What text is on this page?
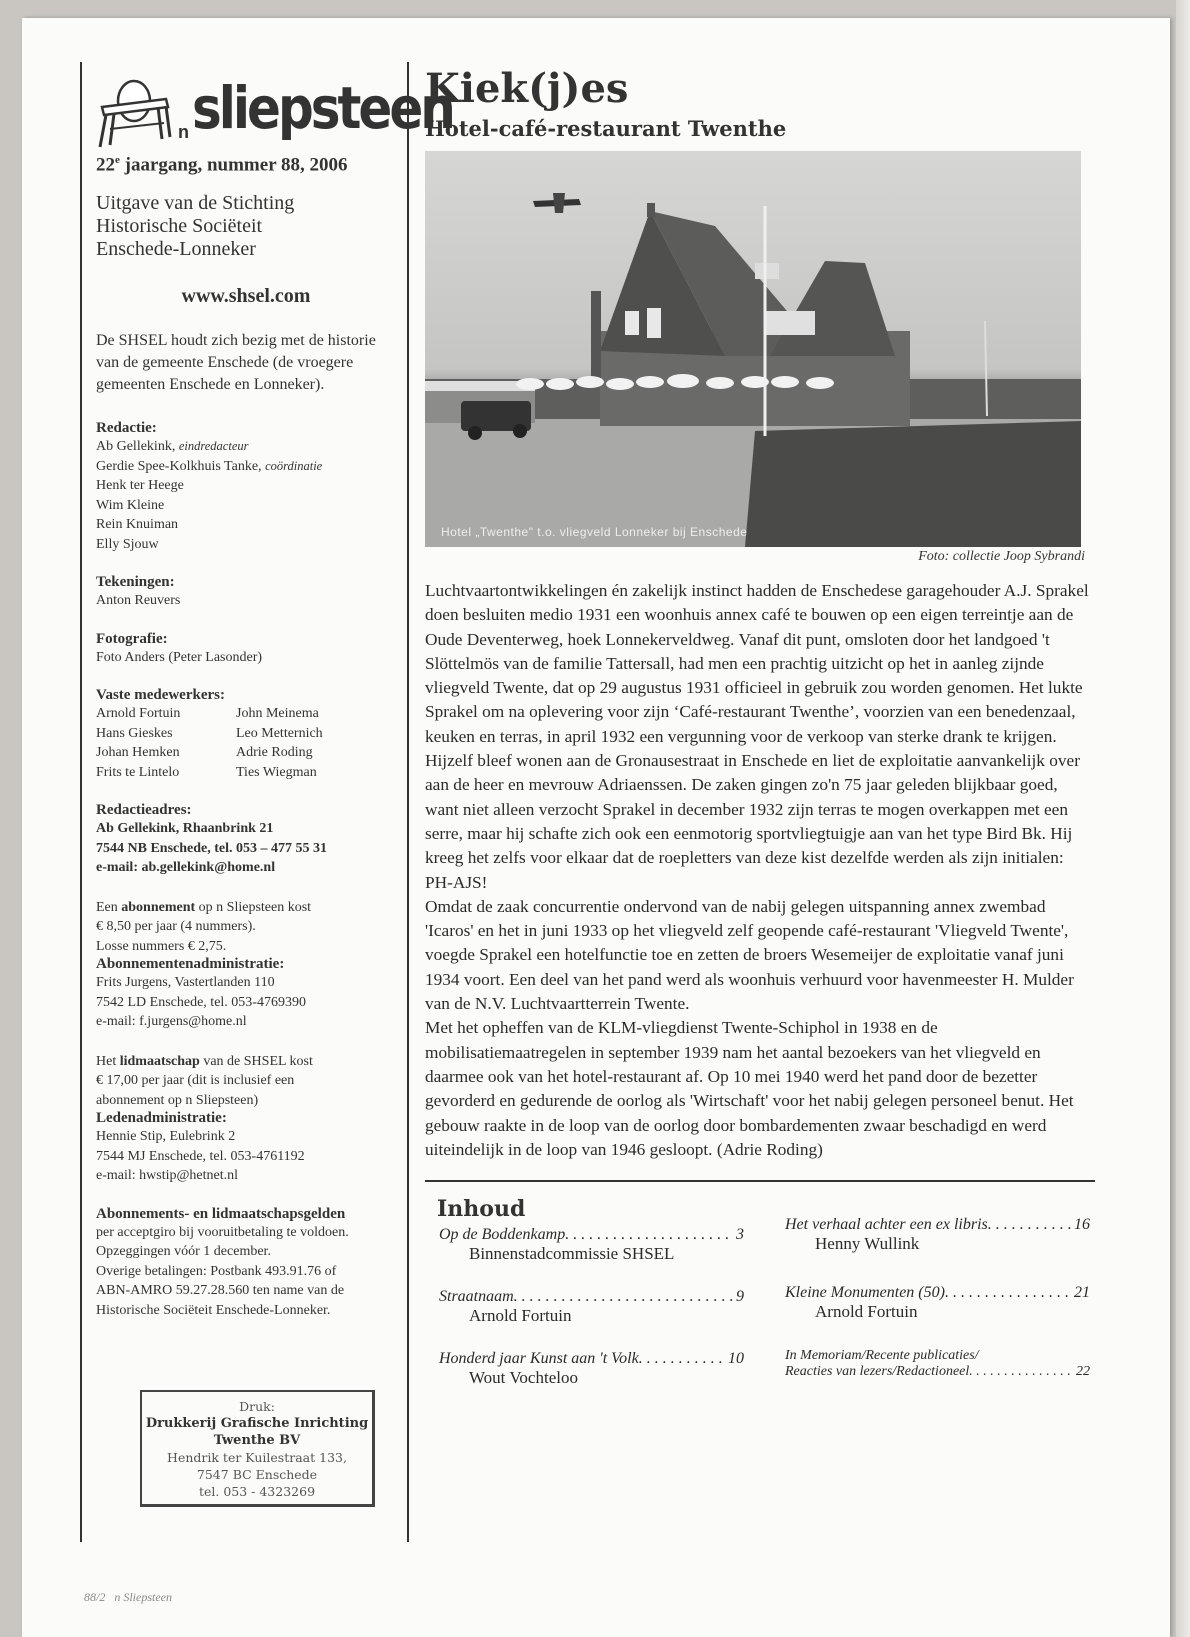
n sliepsteen
22e jaargang, nummer 88, 2006
Uitgave van de Stichting
Historische Sociëteit
Enschede-Lonneker
www.shsel.com
De SHSEL houdt zich bezig met de historie van de gemeente Enschede (de vroegere gemeenten Enschede en Lonneker).
Redactie:

Ab Gellekink, eindredacteur

Gerdie Spee-Kolkhuis Tanke, coördinatie

Henk ter Heege

Wim Kleine

Rein Knuiman

Elly Sjouw

Tekeningen:

Anton Reuvers

Fotografie:

Foto Anders (Peter Lasonder)

Vaste medewerkers:
Arnold Fortuin	John Meinema
Hans Gieskes	Leo Metternich
Johan Hemken	Adrie Roding
Frits te Lintelo	Ties Wiegman
Redactieadres:

Ab Gellekink, Rhaanbrink 21

7544 NB Enschede, tel. 053 – 477 55 31

e-mail: ab.gellekink@home.nl

Een abonnement op n Sliepsteen kost

€ 8,50 per jaar (4 nummers).

Losse nummers € 2,75.

Abonnementenadministratie:

Frits Jurgens, Vastertlanden 110

7542 LD Enschede, tel. 053-4769390

e-mail: f.jurgens@home.nl

Het lidmaatschap van de SHSEL kost

€ 17,00 per jaar (dit is inclusief een

abonnement op n Sliepsteen)

Ledenadministratie:

Hennie Stip, Eulebrink 2

7544 MJ Enschede, tel. 053-4761192

e-mail: hwstip@hetnet.nl

Abonnements- en lidmaatschapsgelden

per acceptgiro bij vooruitbetaling te voldoen.

Opzeggingen vóór 1 december.

Overige betalingen: Postbank 493.91.76 of

ABN-AMRO 59.27.28.560 ten name van de

Historische Sociëteit Enschede-Lonneker.

Druk:
Drukkerij Grafische Inrichting
Twenthe BV
Hendrik ter Kuilestraat 133,
7547 BC Enschede
tel. 053 - 4323269
Kiek(j)es
Hotel-café-restaurant Twenthe
Hotel „Twenthe" t.o. vliegveld Lonneker bij Enschede
Foto: collectie Joop Sybrandi

Luchtvaartontwikkelingen én zakelijk instinct hadden de Enschedese garagehouder A.J. Sprakel doen besluiten medio 1931 een woonhuis annex café te bouwen op een eigen terreintje aan de Oude Deventerweg, hoek Lonnekerveldweg. Vanaf dit punt, omsloten door het landgoed 't Slöttelmös van de familie Tattersall, had men een prachtig uitzicht op het in aanleg zijnde vliegveld Twente, dat op 29 augustus 1931 officieel in gebruik zou worden genomen. Het lukte Sprakel om na oplevering voor zijn ‘Café-restaurant Twenthe’, voorzien van een benedenzaal, keuken en terras, in april 1932 een vergunning voor de verkoop van sterke drank te krijgen. Hijzelf bleef wonen aan de Gronausestraat in Enschede en liet de exploitatie aanvankelijk over aan de heer en mevrouw Adriaenssen. De zaken gingen zo'n 75 jaar geleden blijkbaar goed, want niet alleen verzocht Sprakel in december 1932 zijn terras te mogen overkappen met een serre, maar hij schafte zich ook een eenmotorig sportvliegtuigje aan van het type Bird Bk. Hij kreeg het zelfs voor elkaar dat de roepletters van deze kist dezelfde werden als zijn initialen: PH-AJS!

Omdat de zaak concurrentie ondervond van de nabij gelegen uitspanning annex zwembad 'Icaros' en het in juni 1933 op het vliegveld zelf geopende café-restaurant 'Vliegveld Twente', voegde Sprakel een hotelfunctie toe en zetten de broers Wesemeijer de exploitatie vanaf juni 1934 voort. Een deel van het pand werd als woonhuis verhuurd voor havenmeester H. Mulder van de N.V. Luchtvaartterrein Twente.

Met het opheffen van de KLM-vliegdienst Twente-Schiphol in 1938 en de mobilisatiemaatregelen in september 1939 nam het aantal bezoekers van het vliegveld en daarmee ook van het hotel-restaurant af. Op 10 mei 1940 werd het pand door de bezetter gevorderd en gedurende de oorlog als 'Wirtschaft' voor het nabij gelegen personeel benut. Het gebouw raakte in de loop van de oorlog door bombardementen zwaar beschadigd en werd uiteindelijk in de loop van 1946 gesloopt. (Adrie Roding)

Inhoud
Op de Boddenkamp . . .	3
Binnenstadcommissie SHSEL
Straatnaam . . .	9
Arnold Fortuin
Honderd jaar Kunst aan 't Volk . . .	10
Wout Vochteloo
Het verhaal achter een ex libris . . .	16
Henny Wullink
Kleine Monumenten (50) . . .	21
Arnold Fortuin
In Memoriam/Recente publicaties/
Reacties van lezers/Redactioneel . . .	22
88/2 n Sliepsteen
